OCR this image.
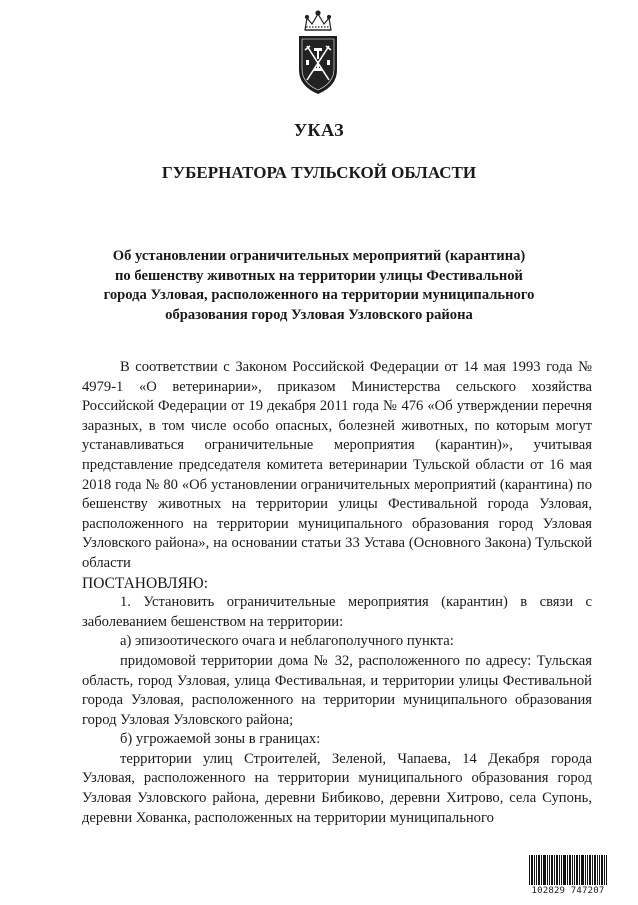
УКАЗ
ГУБЕРНАТОРА ТУЛЬСКОЙ ОБЛАСТИ
Об установлении ограничительных мероприятий (карантина)
по бешенству животных на территории улицы Фестивальной
города Узловая, расположенного на территории муниципального
образования город Узловая Узловского района

В соответствии с Законом Российской Федерации от 14 мая 1993 года № 4979-1 «О ветеринарии», приказом Министерства сельского хозяйства Российской Федерации от 19 декабря 2011 года № 476 «Об утверждении перечня заразных, в том числе особо опасных, болезней животных, по которым могут устанавливаться ограничительные мероприятия (карантин)», учитывая представление председателя комитета ветеринарии Тульской области от 16 мая 2018 года № 80 «Об установлении ограничительных мероприятий (карантина) по бешенству животных на территории улицы Фестивальной города Узловая, расположенного на территории муниципального образования город Узловая Узловского района», на основании статьи 33 Устава (Основного Закона) Тульской области

ПОСТАНОВЛЯЮ:

1. Установить ограничительные мероприятия (карантин) в связи с заболеванием бешенством на территории:

а) эпизоотического очага и неблагополучного пункта:

придомовой территории дома № 32, расположенного по адресу: Тульская область, город Узловая, улица Фестивальная, и территории улицы Фестивальной города Узловая, расположенного на территории муниципального образования город Узловая Узловского района;

б) угрожаемой зоны в границах:

территории улиц Строителей, Зеленой, Чапаева, 14 Декабря города Узловая, расположенного на территории муниципального образования город Узловая Узловского района, деревни Бибиково, деревни Хитрово, села Супонь, деревни Хованка, расположенных на территории муниципального

102829 747207
